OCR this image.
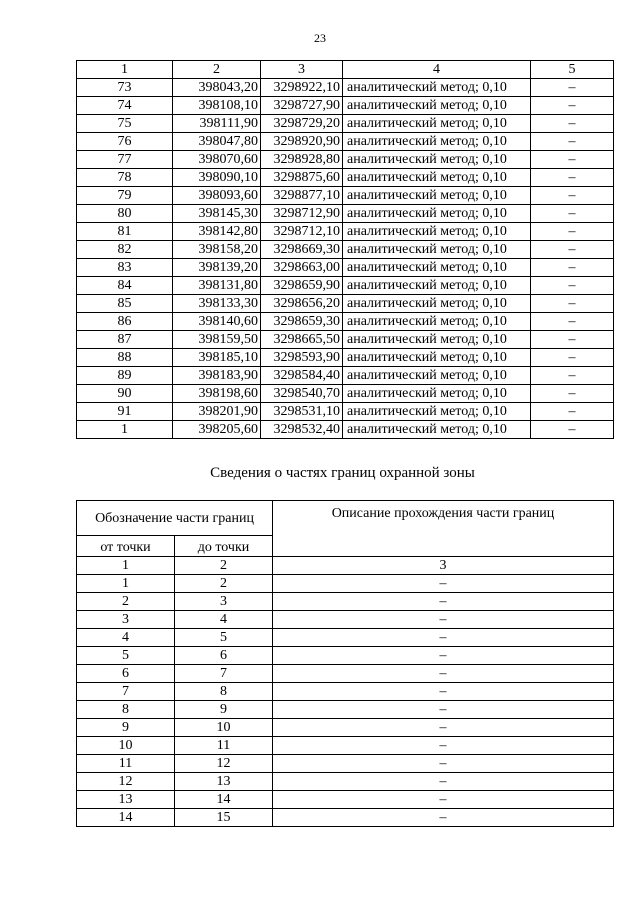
23
1	2	3	4	5
73	398043,20	3298922,10	аналитический метод; 0,10	–
74	398108,10	3298727,90	аналитический метод; 0,10	–
75	398111,90	3298729,20	аналитический метод; 0,10	–
76	398047,80	3298920,90	аналитический метод; 0,10	–
77	398070,60	3298928,80	аналитический метод; 0,10	–
78	398090,10	3298875,60	аналитический метод; 0,10	–
79	398093,60	3298877,10	аналитический метод; 0,10	–
80	398145,30	3298712,90	аналитический метод; 0,10	–
81	398142,80	3298712,10	аналитический метод; 0,10	–
82	398158,20	3298669,30	аналитический метод; 0,10	–
83	398139,20	3298663,00	аналитический метод; 0,10	–
84	398131,80	3298659,90	аналитический метод; 0,10	–
85	398133,30	3298656,20	аналитический метод; 0,10	–
86	398140,60	3298659,30	аналитический метод; 0,10	–
87	398159,50	3298665,50	аналитический метод; 0,10	–
88	398185,10	3298593,90	аналитический метод; 0,10	–
89	398183,90	3298584,40	аналитический метод; 0,10	–
90	398198,60	3298540,70	аналитический метод; 0,10	–
91	398201,90	3298531,10	аналитический метод; 0,10	–
1	398205,60	3298532,40	аналитический метод; 0,10	–
Сведения о частях границ охранной зоны
Обозначение части границ		Описание прохождения части границ
от точки	до точки	
1	2	3
1	2	–
2	3	–
3	4	–
4	5	–
5	6	–
6	7	–
7	8	–
8	9	–
9	10	–
10	11	–
11	12	–
12	13	–
13	14	–
14	15	–
